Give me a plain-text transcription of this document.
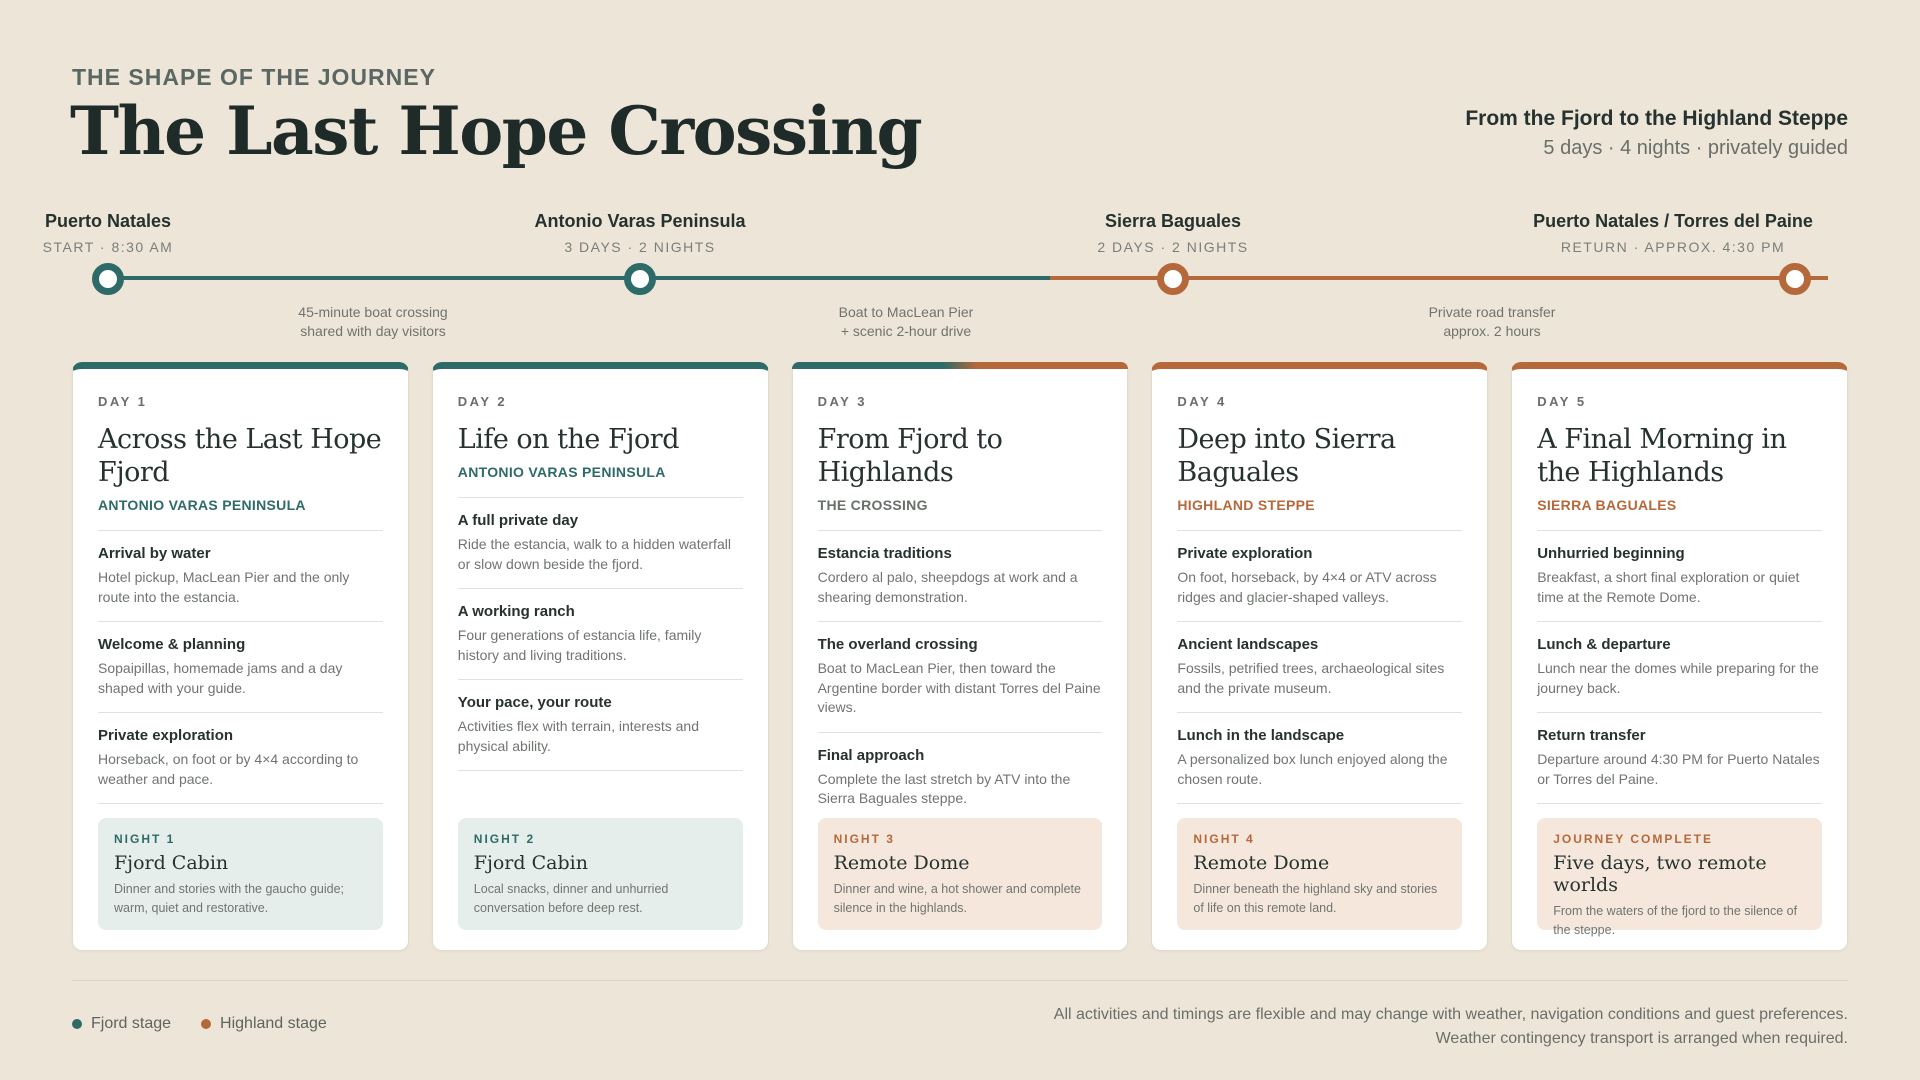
THE SHAPE OF THE JOURNEY
The Last Hope Crossing	From the Fjord to the Highland Steppe
5 days · 4 nights · privately guided
Puerto Natales
START · 8:30 AM
Antonio Varas Peninsula
3 DAYS · 2 NIGHTS
Sierra Baguales
2 DAYS · 2 NIGHTS
Puerto Natales / Torres del Paine
RETURN · APPROX. 4:30 PM
45-minute boat crossing
shared with day visitors
Boat to MacLean Pier
+ scenic 2-hour drive
Private road transfer
approx. 2 hours
DAY 1
Across the Last Hope Fjord
ANTONIO VARAS PENINSULA
Arrival by water
Hotel pickup, MacLean Pier and the only route into the estancia.
Welcome & planning
Sopaipillas, homemade jams and a day shaped with your guide.
Private exploration
Horseback, on foot or by 4×4 according to weather and pace.
NIGHT 1
Fjord Cabin
Dinner and stories with the gaucho guide; warm, quiet and restorative.
DAY 2
Life on the Fjord
ANTONIO VARAS PENINSULA
A full private day
Ride the estancia, walk to a hidden waterfall or slow down beside the fjord.
A working ranch
Four generations of estancia life, family history and living traditions.
Your pace, your route
Activities flex with terrain, interests and physical ability.
NIGHT 2
Fjord Cabin
Local snacks, dinner and unhurried conversation before deep rest.
DAY 3
From Fjord to Highlands
THE CROSSING
Estancia traditions
Cordero al palo, sheepdogs at work and a shearing demonstration.
The overland crossing
Boat to MacLean Pier, then toward the Argentine border with distant Torres del Paine views.
Final approach
Complete the last stretch by ATV into the Sierra Baguales steppe.
NIGHT 3
Remote Dome
Dinner and wine, a hot shower and complete silence in the highlands.
DAY 4
Deep into Sierra Baguales
HIGHLAND STEPPE
Private exploration
On foot, horseback, by 4×4 or ATV across ridges and glacier-shaped valleys.
Ancient landscapes
Fossils, petrified trees, archaeological sites and the private museum.
Lunch in the landscape
A personalized box lunch enjoyed along the chosen route.
NIGHT 4
Remote Dome
Dinner beneath the highland sky and stories of life on this remote land.
DAY 5
A Final Morning in the Highlands
SIERRA BAGUALES
Unhurried beginning
Breakfast, a short final exploration or quiet time at the Remote Dome.
Lunch & departure
Lunch near the domes while preparing for the journey back.
Return transfer
Departure around 4:30 PM for Puerto Natales or Torres del Paine.
JOURNEY COMPLETE
Five days, two remote worlds
From the waters of the fjord to the silence of the steppe.
Fjord stage	Highland stage
All activities and timings are flexible and may change with weather, navigation conditions and guest preferences.
Weather contingency transport is arranged when required.
